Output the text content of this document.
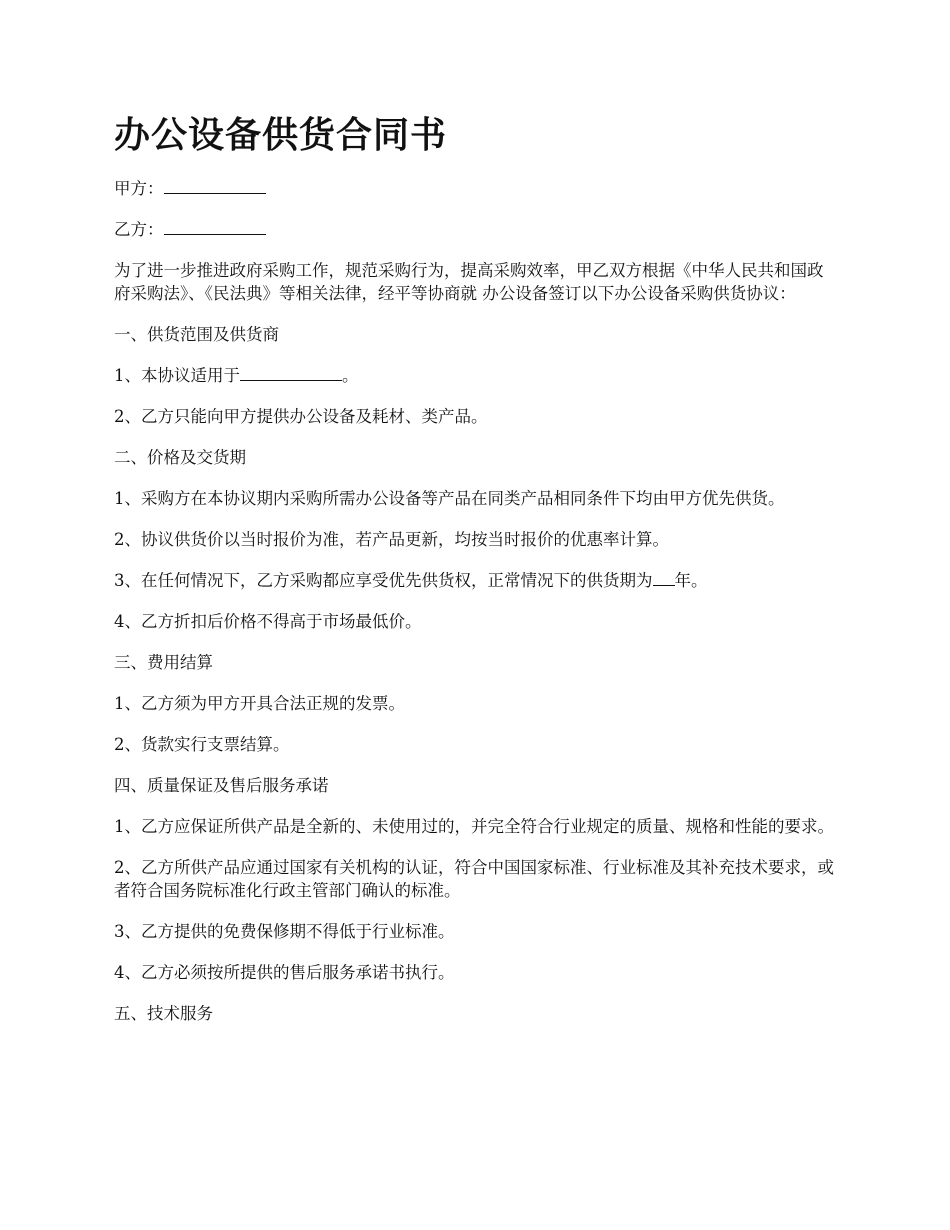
办公设备供货合同书

甲方：

乙方：

为了进一步推进政府采购工作，规范采购行为，提高采购效率，甲乙双方根据《中华人民共和国政府采购法》、《民法典》等相关法律，经平等协商就 办公设备签订以下办公设备采购供货协议：

一、供货范围及供货商

1、本协议适用于	。

2、乙方只能向甲方提供办公设备及耗材、类产品。

二、价格及交货期

1、采购方在本协议期内采购所需办公设备等产品在同类产品相同条件下均由甲方优先供货。

2、协议供货价以当时报价为准，若产品更新，均按当时报价的优惠率计算。

3、在任何情况下，乙方采购都应享受优先供货权，正常情况下的供货期为 年。

4、乙方折扣后价格不得高于市场最低价。

三、费用结算

1、乙方须为甲方开具合法正规的发票。

2、货款实行支票结算。

四、质量保证及售后服务承诺

1、乙方应保证所供产品是全新的、未使用过的，并完全符合行业规定的质量、规格和性能的要求。

2、乙方所供产品应通过国家有关机构的认证，符合中国国家标准、行业标准及其补充技术要求，或者符合国务院标准化行政主管部门确认的标准。

3、乙方提供的免费保修期不得低于行业标准。

4、乙方必须按所提供的售后服务承诺书执行。

五、技术服务
